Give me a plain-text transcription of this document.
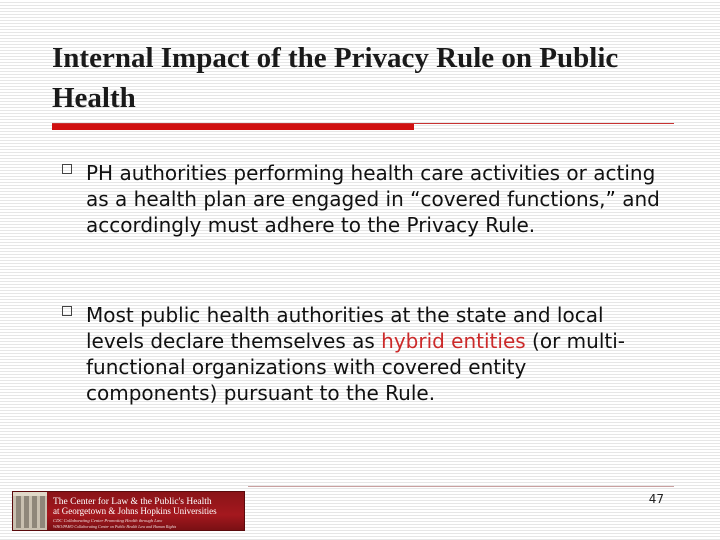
Internal Impact of the Privacy Rule on Public Health

PH authorities performing health care activities or acting as a health plan are engaged in “covered functions,” and accordingly must adhere to the Privacy Rule.

Most public health authorities at the state and local levels declare themselves as hybrid entities (or multi-functional organizations with covered entity components) pursuant to the Rule.

47
The Center for Law & the Public's Health
at Georgetown & Johns Hopkins Universities
CDC Collaborating Center Promoting Health through Law
WHO/PAHO Collaborating Center on Public Health Law and Human Rights
